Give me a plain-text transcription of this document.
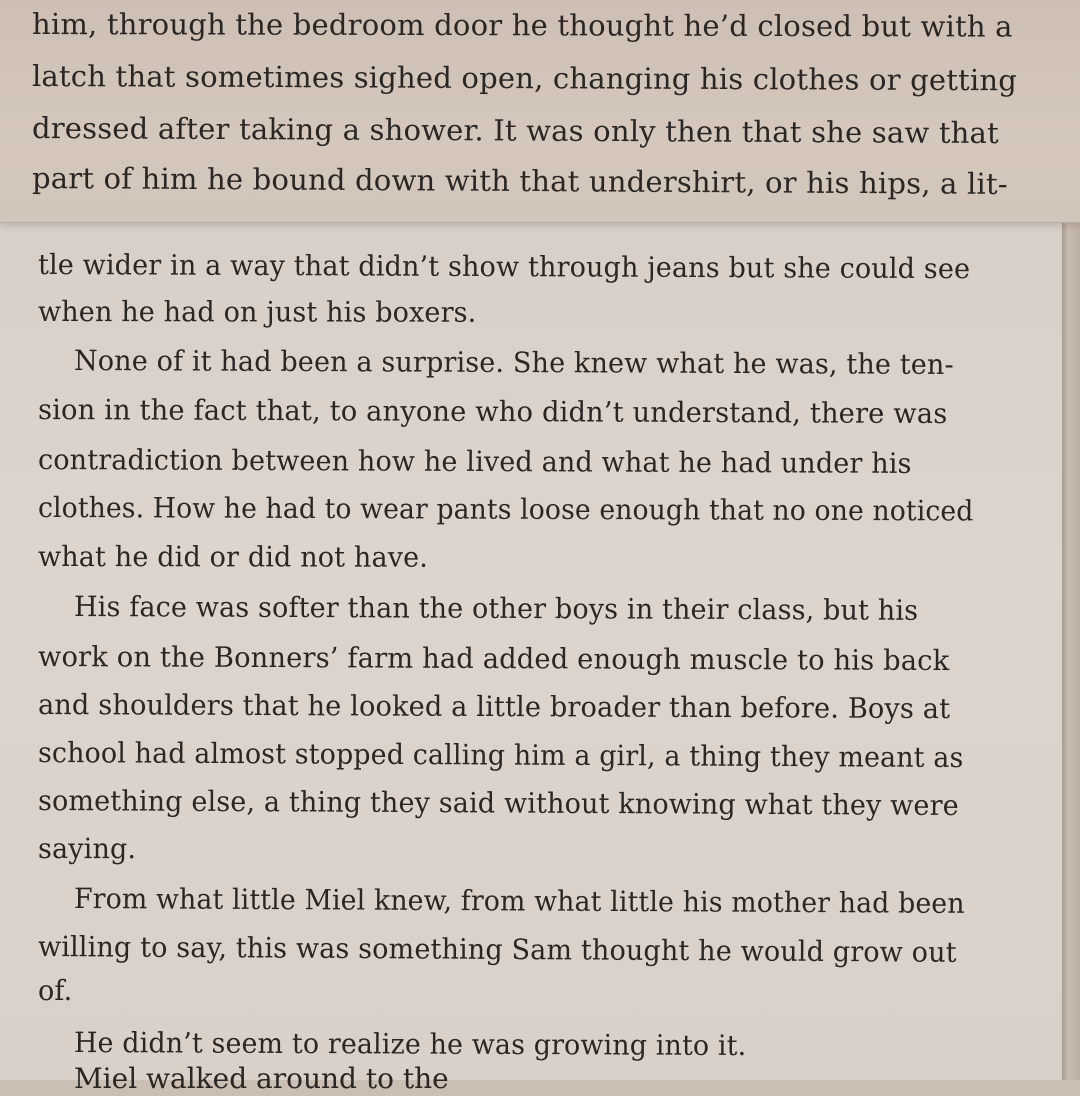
him, through the bedroom door he thought he’d closed but with a
latch that sometimes sighed open, changing his clothes or getting
dressed after taking a shower. It was only then that she saw that
part of him he bound down with that undershirt, or his hips, a lit-
tle wider in a way that didn’t show through jeans but she could see
when he had on just his boxers.
None of it had been a surprise. She knew what he was, the ten-
sion in the fact that, to anyone who didn’t understand, there was
contradiction between how he lived and what he had under his
clothes. How he had to wear pants loose enough that no one noticed
what he did or did not have.
His face was softer than the other boys in their class, but his
work on the Bonners’ farm had added enough muscle to his back
and shoulders that he looked a little broader than before. Boys at
school had almost stopped calling him a girl, a thing they meant as
something else, a thing they said without knowing what they were
saying.
From what little Miel knew, from what little his mother had been
willing to say, this was something Sam thought he would grow out
of.
He didn’t seem to realize he was growing into it.
Miel walked around to the
